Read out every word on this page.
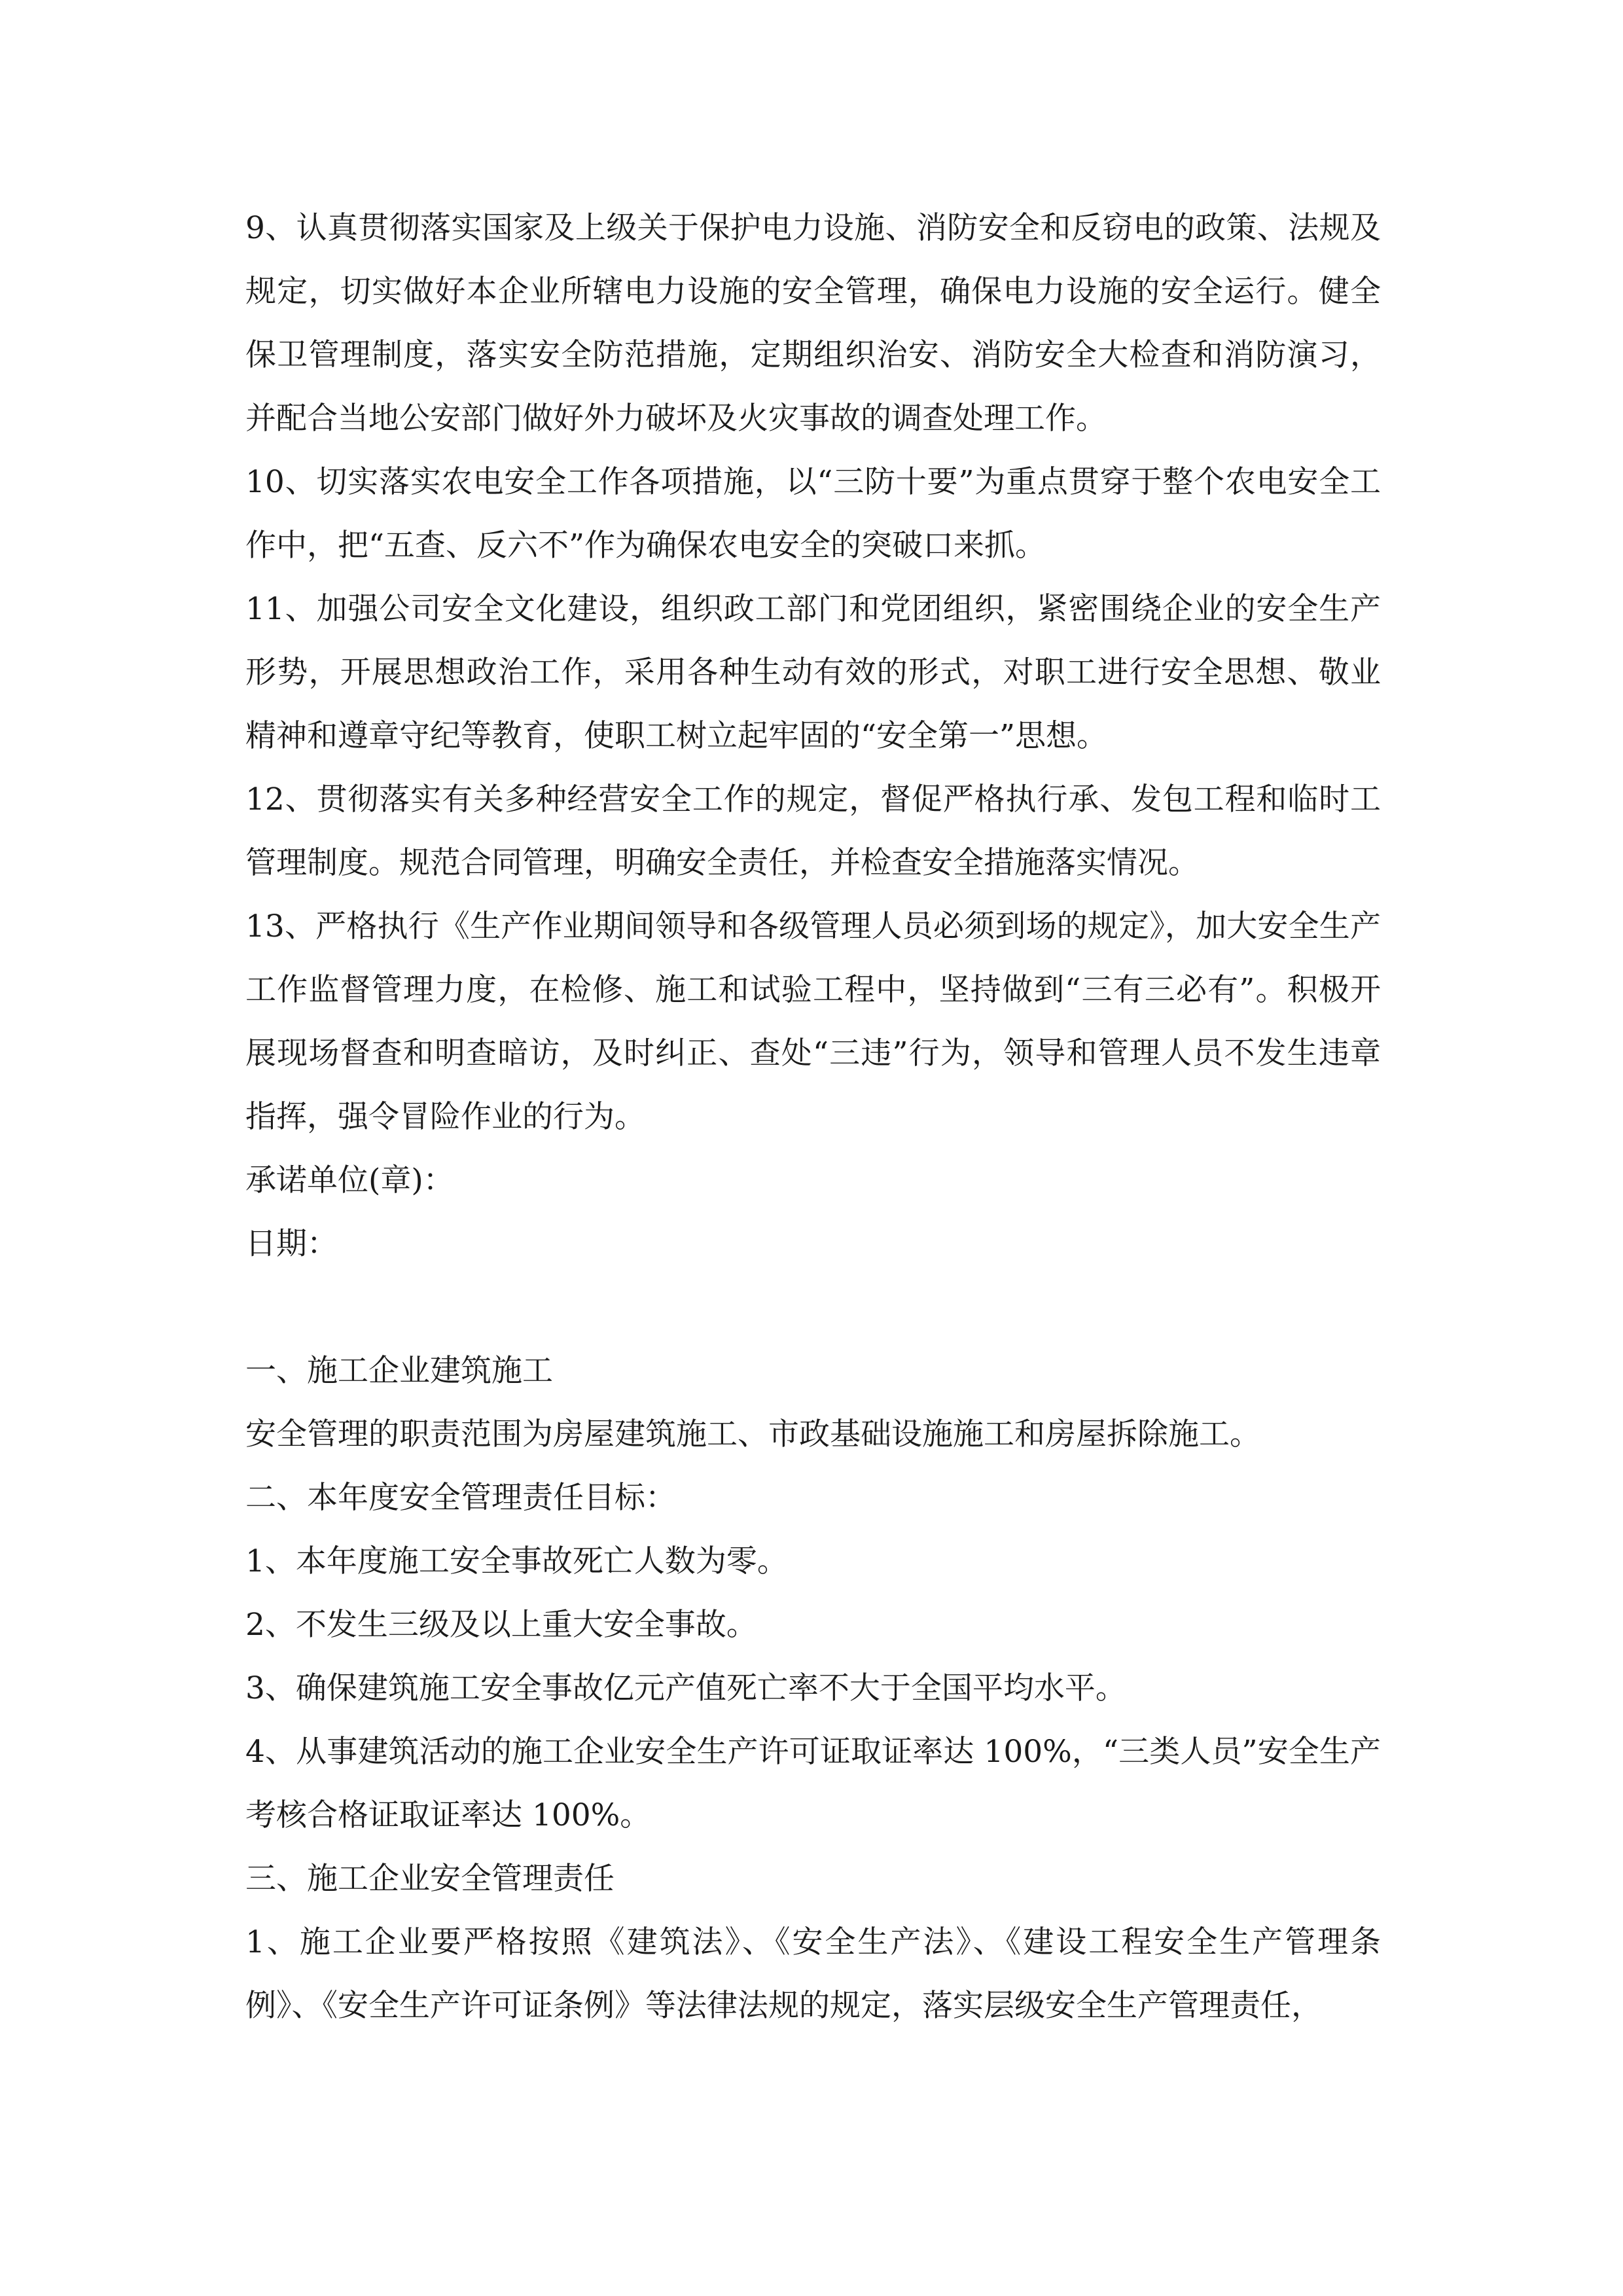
9、认真贯彻落实国家及上级关于保护电力设施、消防安全和反窃电的政策、法规及规定，切实做好本企业所辖电力设施的安全管理，确保电力设施的安全运行。健全保卫管理制度，落实安全防范措施，定期组织治安、消防安全大检查和消防演习，并配合当地公安部门做好外力破坏及火灾事故的调查处理工作。

10、切实落实农电安全工作各项措施，以“三防十要”为重点贯穿于整个农电安全工作中，把“五查、反六不”作为确保农电安全的突破口来抓。

11、加强公司安全文化建设，组织政工部门和党团组织，紧密围绕企业的安全生产形势，开展思想政治工作，采用各种生动有效的形式，对职工进行安全思想、敬业精神和遵章守纪等教育，使职工树立起牢固的“安全第一”思想。

12、贯彻落实有关多种经营安全工作的规定，督促严格执行承、发包工程和临时工管理制度。规范合同管理，明确安全责任，并检查安全措施落实情况。

13、严格执行《生产作业期间领导和各级管理人员必须到场的规定》，加大安全生产工作监督管理力度，在检修、施工和试验工程中，坚持做到“三有三必有”。积极开展现场督查和明查暗访，及时纠正、查处“三违”行为，领导和管理人员不发生违章指挥，强令冒险作业的行为。

承诺单位(章)：

日期：

一、施工企业建筑施工

安全管理的职责范围为房屋建筑施工、市政基础设施施工和房屋拆除施工。

二、本年度安全管理责任目标：

1、本年度施工安全事故死亡人数为零。

2、不发生三级及以上重大安全事故。

3、确保建筑施工安全事故亿元产值死亡率不大于全国平均水平。

4、从事建筑活动的施工企业安全生产许可证取证率达 100%，“三类人员”安全生产考核合格证取证率达 100%。

三、施工企业安全管理责任

1、施工企业要严格按照《建筑法》、《安全生产法》、《建设工程安全生产管理条例》、《安全生产许可证条例》等法律法规的规定，落实层级安全生产管理责任，
